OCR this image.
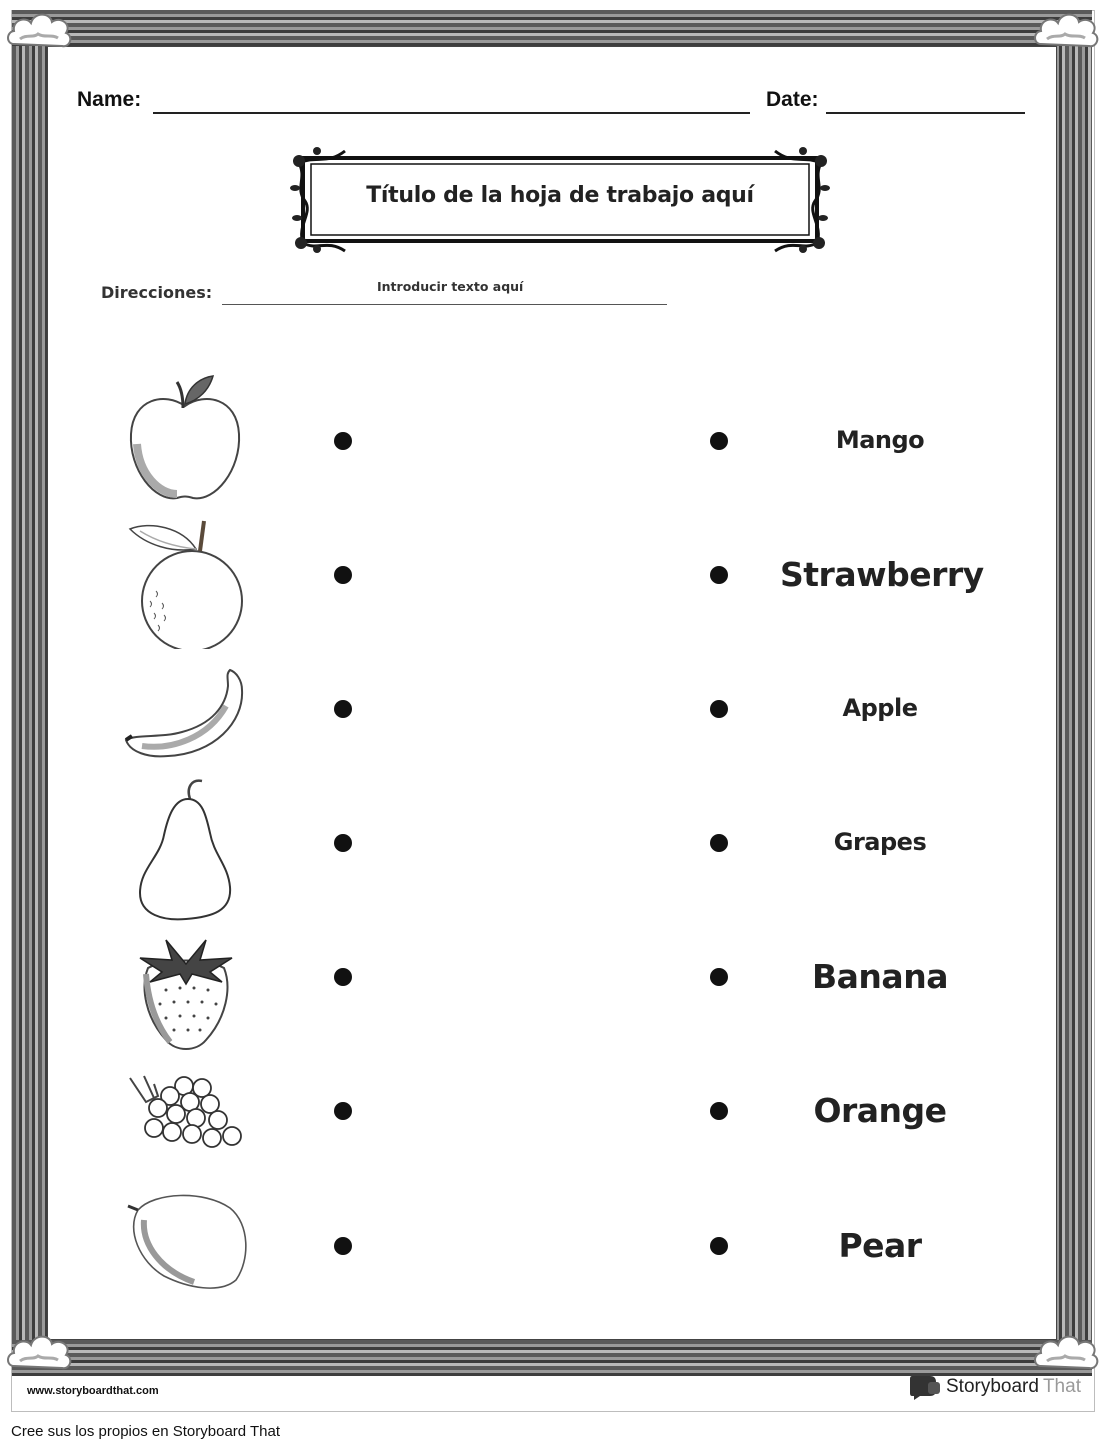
Name:	Date:
Título de la hoja de trabajo aquí
Direcciones:	Introducir texto aquí
Mango
Strawberry
Apple
Grapes
Banana
Orange
Pear
www.storyboardthat.com	Storyboard That
Cree sus los propios en Storyboard That
